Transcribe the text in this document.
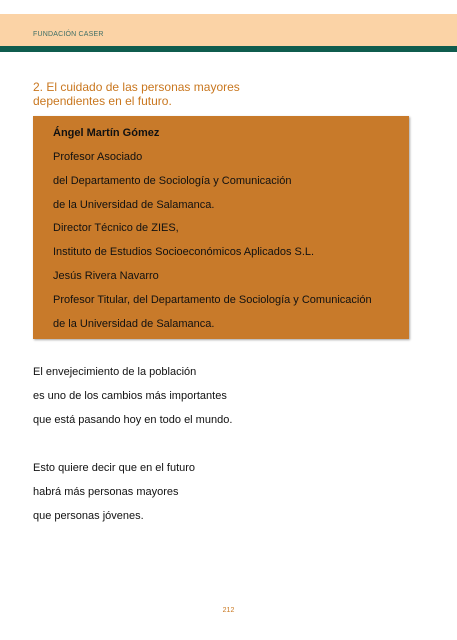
FUNDACIÓN CASER
2. El cuidado de las personas mayores
dependientes en el futuro.
Ángel Martín Gómez
Profesor Asociado
del Departamento de Sociología y Comunicación
de la Universidad de Salamanca.
Director Técnico de ZIES,
Instituto de Estudios Socioeconómicos Aplicados S.L.
Jesús Rivera Navarro
Profesor Titular, del Departamento de Sociología y Comunicación
de la Universidad de Salamanca.
El envejecimiento de la población
es uno de los cambios más importantes
que está pasando hoy en todo el mundo.
Esto quiere decir que en el futuro
habrá más personas mayores
que personas jóvenes.
212
